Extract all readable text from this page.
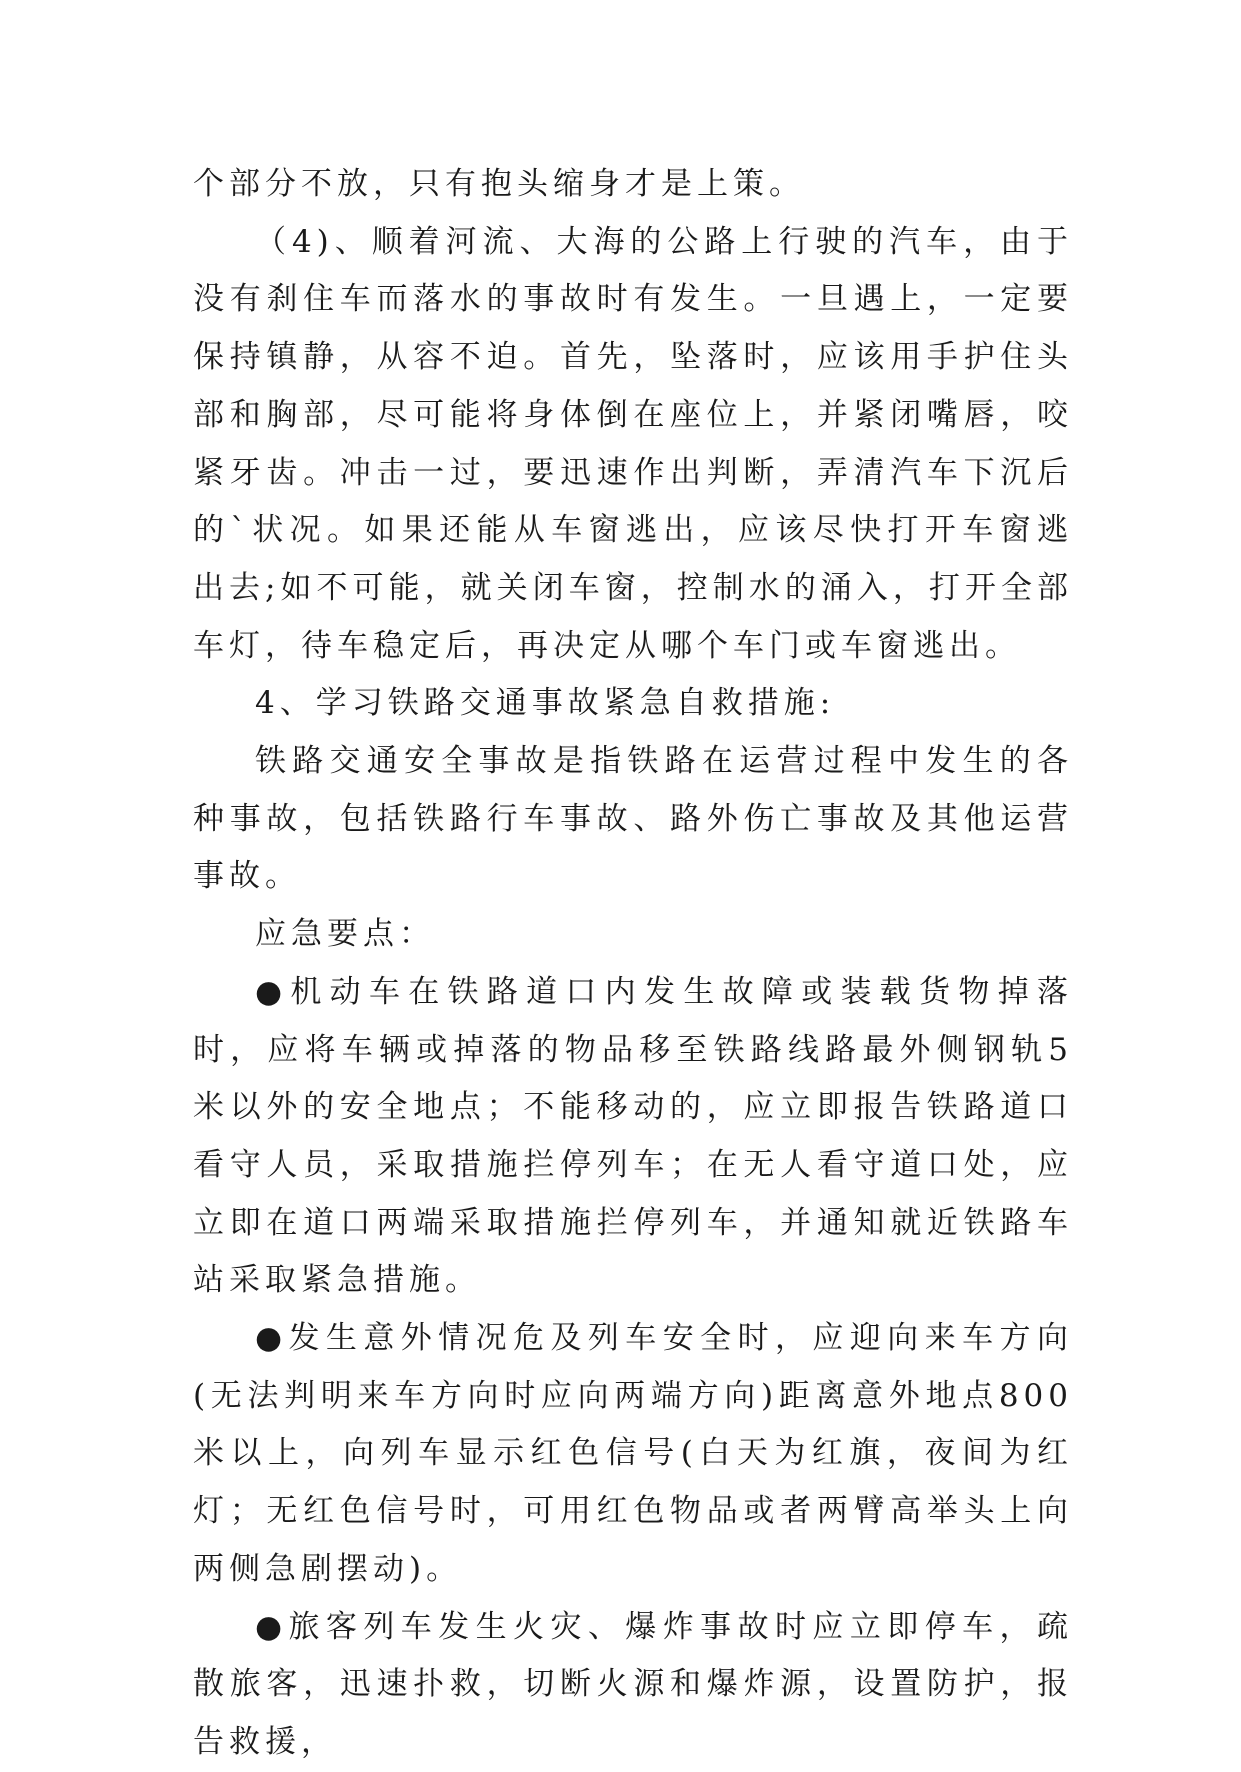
个部分不放，只有抱头缩身才是上策。

（4)、顺着河流、大海的公路上行驶的汽车，由于没有刹住车而落水的事故时有发生。一旦遇上，一定要保持镇静，从容不迫。首先，坠落时，应该用手护住头部和胸部，尽可能将身体倒在座位上，并紧闭嘴唇，咬紧牙齿。冲击一过，要迅速作出判断，弄清汽车下沉后的`状况。如果还能从车窗逃出，应该尽快打开车窗逃出去;如不可能，就关闭车窗，控制水的涌入，打开全部车灯，待车稳定后，再决定从哪个车门或车窗逃出。

4、学习铁路交通事故紧急自救措施:

铁路交通安全事故是指铁路在运营过程中发生的各种事故，包括铁路行车事故、路外伤亡事故及其他运营事故。

应急要点：

●机动车在铁路道口内发生故障或装载货物掉落时，应将车辆或掉落的物品移至铁路线路最外侧钢轨5米以外的安全地点；不能移动的，应立即报告铁路道口看守人员，采取措施拦停列车；在无人看守道口处，应立即在道口两端采取措施拦停列车，并通知就近铁路车站采取紧急措施。

●发生意外情况危及列车安全时，应迎向来车方向(无法判明来车方向时应向两端方向)距离意外地点800米以上，向列车显示红色信号(白天为红旗，夜间为红灯；无红色信号时，可用红色物品或者两臂高举头上向两侧急剧摆动)。

●旅客列车发生火灾、爆炸事故时应立即停车，疏散旅客，迅速扑救，切断火源和爆炸源，设置防护，报告救援，
